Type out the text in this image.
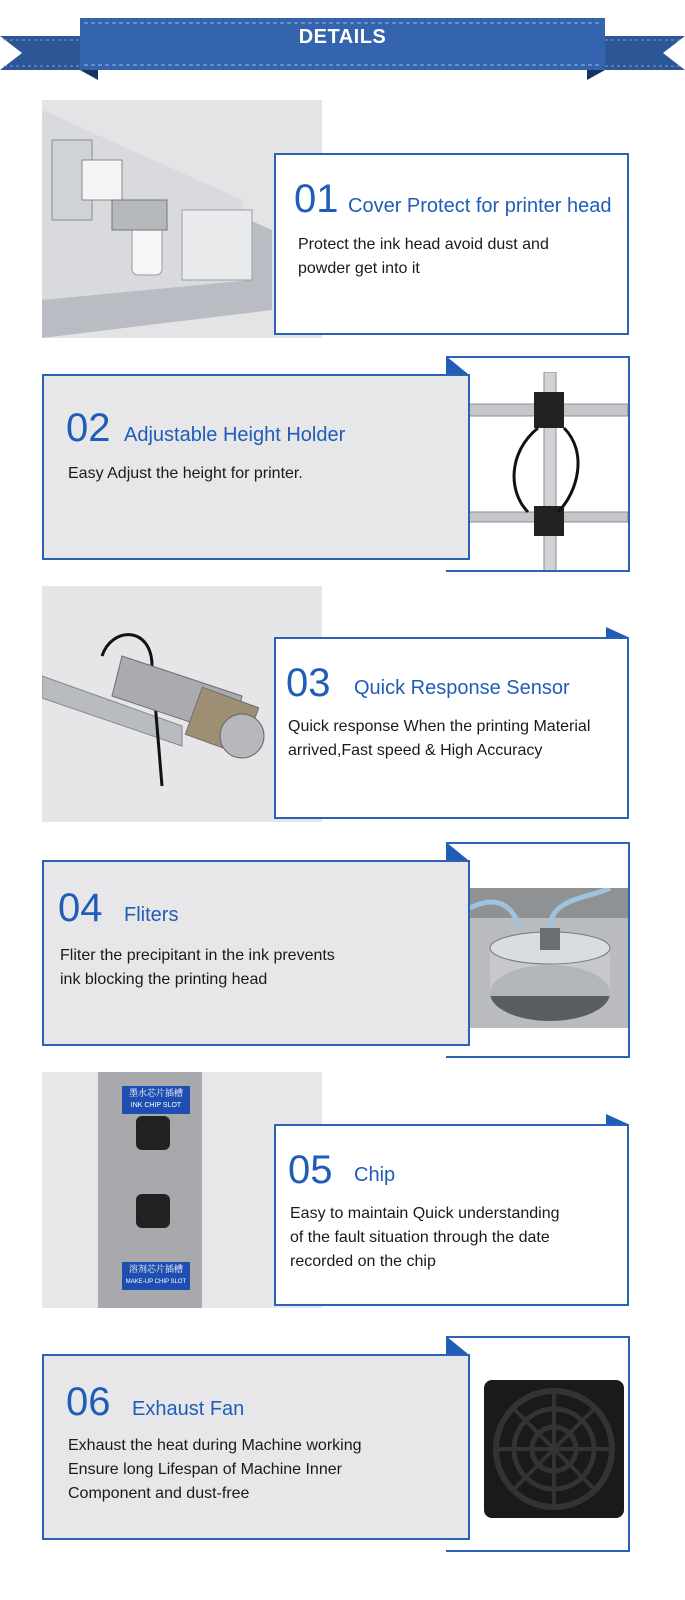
DETAILS
01 Cover Protect for printer head
Protect the ink head avoid dust and
powder get into it
02 Adjustable Height Holder
Easy Adjust the height for printer.
03 Quick Response Sensor
Quick response When the printing Material
arrived,Fast speed & High Accuracy
04 Fliters
Fliter the precipitant in the ink prevents
ink blocking the printing head
墨水芯片插槽
INK CHIP SLOT
溶剂芯片插槽
MAKE-UP CHIP SLOT
05 Chip
Easy to maintain Quick understanding
of the fault situation through the date
recorded on the chip
06 Exhaust Fan
Exhaust the heat during Machine working
Ensure long Lifespan of Machine Inner
Component and dust-free
